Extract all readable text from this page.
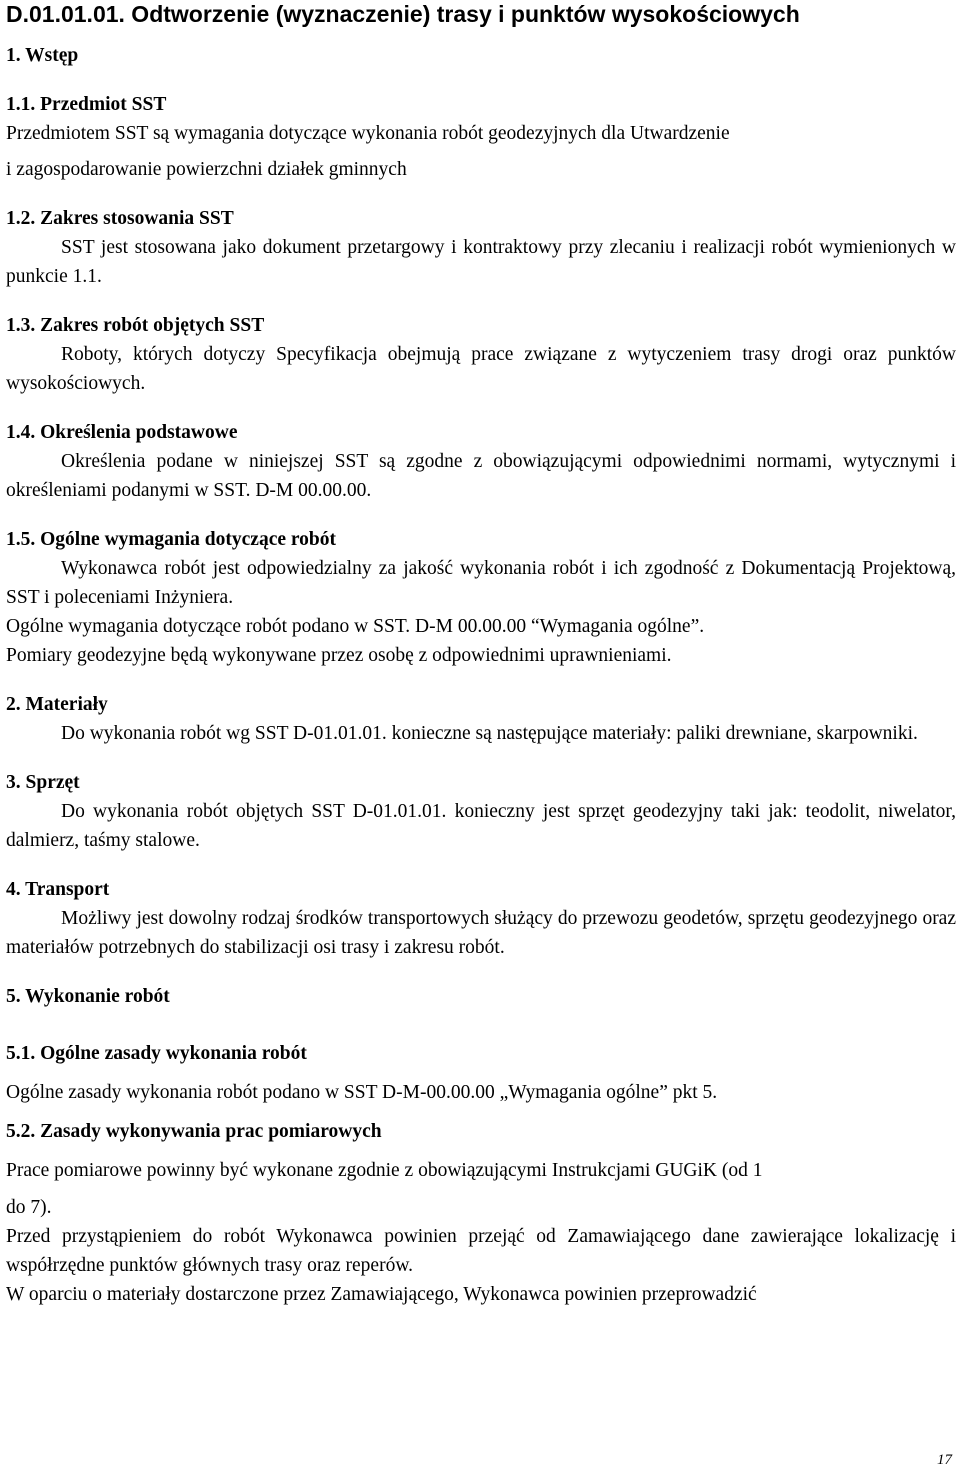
D.01.01.01. Odtworzenie (wyznaczenie) trasy i punktów wysokościowych

1. Wstęp

1.1. Przedmiot SST

Przedmiotem SST są wymagania dotyczące wykonania robót geodezyjnych dla Utwardzenie

i zagospodarowanie powierzchni działek gminnych

1.2. Zakres stosowania SST

SST jest stosowana jako dokument przetargowy i kontraktowy przy zlecaniu i realizacji robót wymienionych w punkcie 1.1.

1.3. Zakres robót objętych SST

Roboty, których dotyczy Specyfikacja obejmują prace związane z wytyczeniem trasy drogi oraz punktów wysokościowych.

1.4. Określenia podstawowe

Określenia podane w niniejszej SST są zgodne z obowiązującymi odpowiednimi normami, wytycznymi i określeniami podanymi w SST. D-M 00.00.00.

1.5. Ogólne wymagania dotyczące robót

Wykonawca robót jest odpowiedzialny za jakość wykonania robót i ich zgodność z Dokumentacją Projektową, SST i poleceniami Inżyniera.

Ogólne wymagania dotyczące robót podano w SST. D-M 00.00.00 “Wymagania ogólne”.

Pomiary geodezyjne będą wykonywane przez osobę z odpowiednimi uprawnieniami.

2. Materiały

Do wykonania robót wg SST D-01.01.01. konieczne są następujące materiały: paliki drewniane, skarpowniki.

3. Sprzęt

Do wykonania robót objętych SST D-01.01.01. konieczny jest sprzęt geodezyjny taki jak: teodolit, niwelator, dalmierz, taśmy stalowe.

4. Transport

Możliwy jest dowolny rodzaj środków transportowych służący do przewozu geodetów, sprzętu geodezyjnego oraz materiałów potrzebnych do stabilizacji osi trasy i zakresu robót.

5. Wykonanie robót

5.1. Ogólne zasady wykonania robót

Ogólne zasady wykonania robót podano w SST D-M-00.00.00 „Wymagania ogólne” pkt 5.

5.2. Zasady wykonywania prac pomiarowych

Prace pomiarowe powinny być wykonane zgodnie z obowiązującymi Instrukcjami GUGiK (od 1

do 7).

Przed przystąpieniem do robót Wykonawca powinien przejąć od Zamawiającego dane zawierające lokalizację i współrzędne punktów głównych trasy oraz reperów.

W oparciu o materiały dostarczone przez Zamawiającego, Wykonawca powinien przeprowadzić

17
